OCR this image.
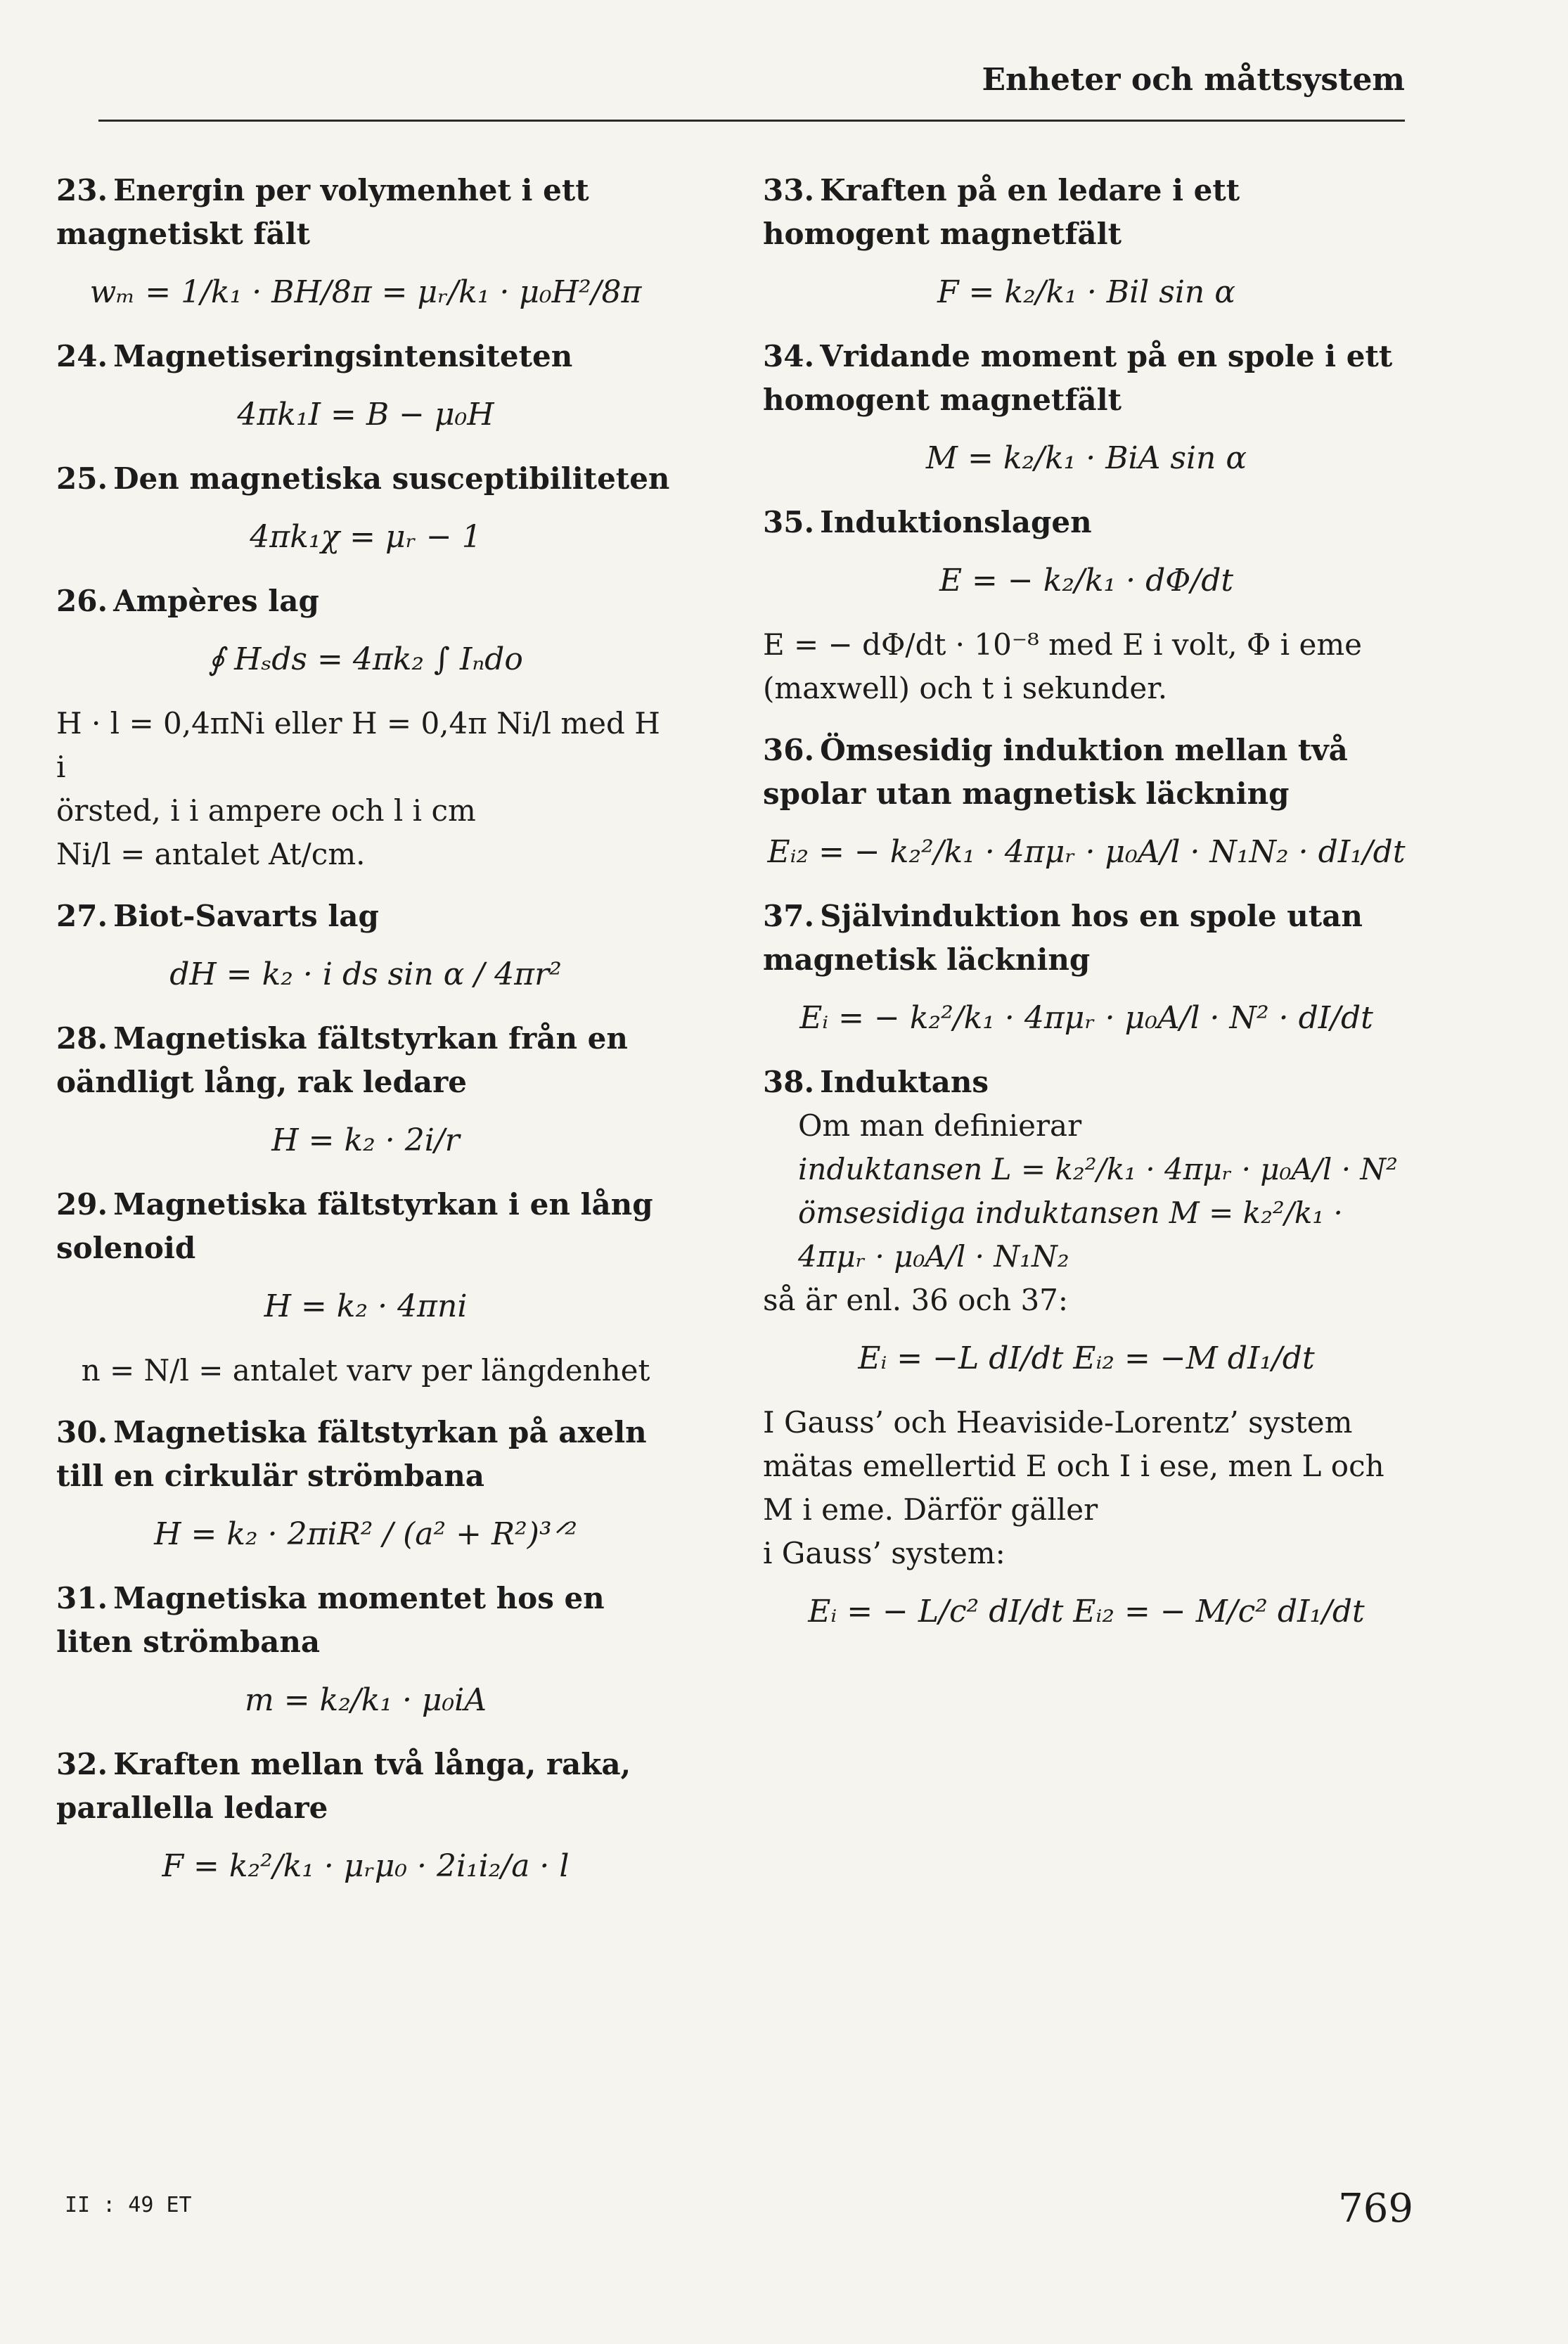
Enheter och måttsystem

23. Energin per volymenhet i ett magnetiskt fält

wₘ = 1/k₁ · BH/8π = μᵣ/k₁ · μ₀H²/8π

24. Magnetiseringsintensiteten

4πk₁I = B − μ₀H

25. Den magnetiska susceptibiliteten

4πk₁χ = μᵣ − 1

26. Ampères lag

∮ Hₛds = 4πk₂ ∫ Iₙdo

H · l = 0,4πNi eller H = 0,4π Ni/l med H i

örsted, i i ampere och l i cm

Ni/l = antalet At/cm.

27. Biot-Savarts lag

dH = k₂ · i ds sin α / 4πr²

28. Magnetiska fältstyrkan från en oändligt lång, rak ledare

H = k₂ · 2i/r

29. Magnetiska fältstyrkan i en lång solenoid

H = k₂ · 4πni

n = N/l = antalet varv per längdenhet

30. Magnetiska fältstyrkan på axeln till en cirkulär strömbana

H = k₂ · 2πiR² / (a² + R²)³ᐟ²

31. Magnetiska momentet hos en liten strömbana

m = k₂/k₁ · μ₀iA

32. Kraften mellan två långa, raka, parallella ledare

F = k₂²/k₁ · μᵣμ₀ · 2i₁i₂/a · l

33. Kraften på en ledare i ett homogent magnetfält

F = k₂/k₁ · Bil sin α

34. Vridande moment på en spole i ett homogent magnetfält

M = k₂/k₁ · BiA sin α

35. Induktionslagen

E = − k₂/k₁ · dΦ/dt

E = − dΦ/dt · 10⁻⁸ med E i volt, Φ i eme

(maxwell) och t i sekunder.

36. Ömsesidig induktion mellan två spolar utan magnetisk läckning

Eᵢ₂ = − k₂²/k₁ · 4πμᵣ · μ₀A/l · N₁N₂ · dI₁/dt

37. Självinduktion hos en spole utan magnetisk läckning

Eᵢ = − k₂²/k₁ · 4πμᵣ · μ₀A/l · N² · dI/dt

38. Induktans

Om man definierar

induktansen L = k₂²/k₁ · 4πμᵣ · μ₀A/l · N²

ömsesidiga induktansen M = k₂²/k₁ · 4πμᵣ · μ₀A/l · N₁N₂

så är enl. 36 och 37:

Eᵢ = −L dI/dt Eᵢ₂ = −M dI₁/dt

I Gauss’ och Heaviside-Lorentz’ system mätas emellertid E och I i ese, men L och M i eme. Därför gäller

i Gauss’ system:

Eᵢ = − L/c² dI/dt Eᵢ₂ = − M/c² dI₁/dt
II : 49 ET	769
